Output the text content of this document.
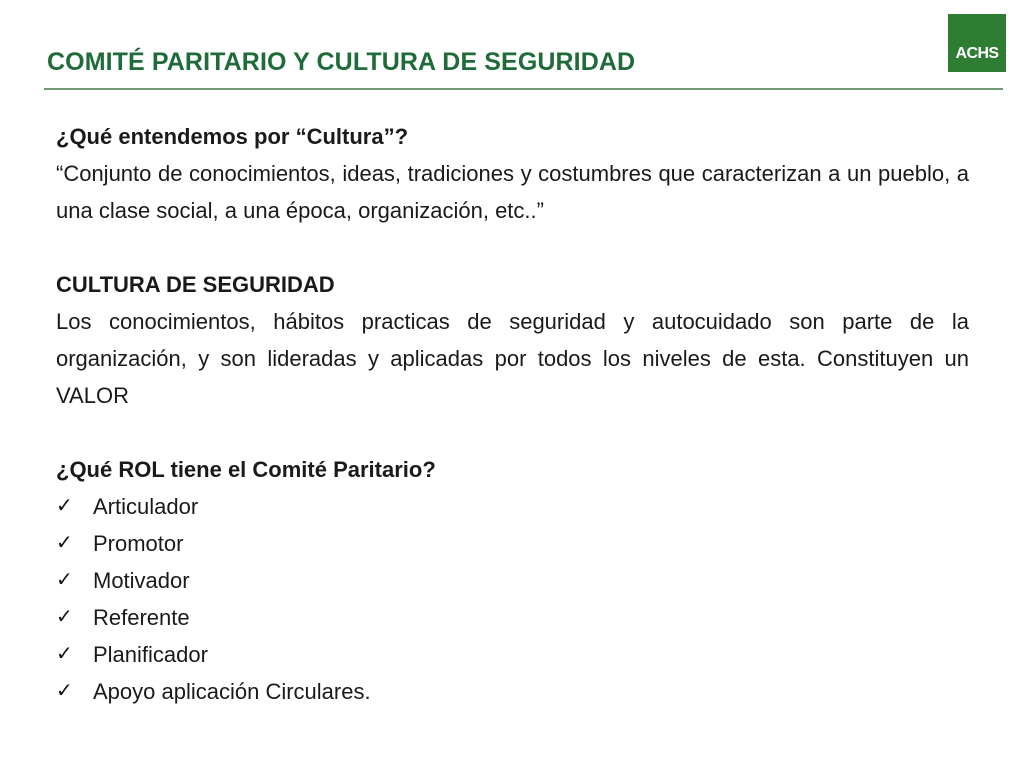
COMITÉ PARITARIO Y CULTURA DE SEGURIDAD	ACHS

¿Qué entendemos por “Cultura”?

“Conjunto de conocimientos, ideas, tradiciones y costumbres que caracterizan a un pueblo, a una clase social, a una época, organización, etc..”

CULTURA DE SEGURIDAD

Los conocimientos, hábitos practicas de seguridad y autocuidado son parte de la organización, y son lideradas y aplicadas por todos los niveles de esta. Constituyen un VALOR

¿Qué ROL tiene el Comité Paritario?

✓ Articulador
✓ Promotor
✓ Motivador
✓ Referente
✓ Planificador
✓ Apoyo aplicación Circulares.
